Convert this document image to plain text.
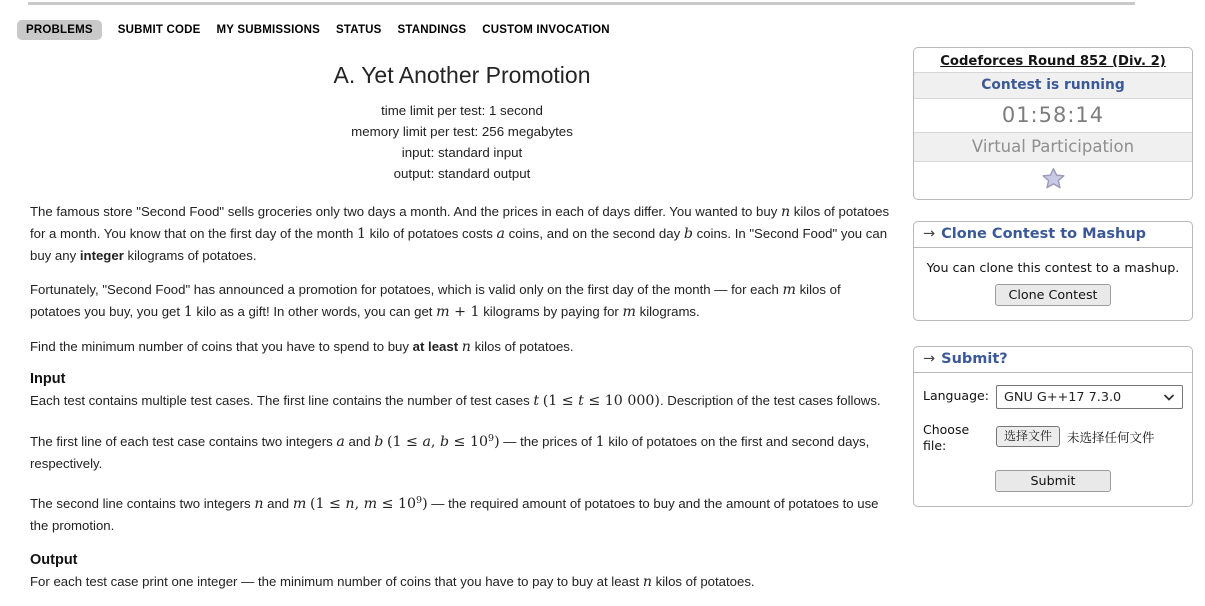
PROBLEMS	SUBMIT CODE MY SUBMISSIONS STATUS STANDINGS CUSTOM INVOCATION
A. Yet Another Promotion
time limit per test: 1 second
memory limit per test: 256 megabytes
input: standard input
output: standard output

The famous store "Second Food" sells groceries only two days a month. And the prices in each of days differ. You wanted to buy n kilos of potatoes for a month. You know that on the first day of the month 1 kilo of potatoes costs a coins, and on the second day b coins. In "Second Food" you can buy any integer kilograms of potatoes.

Fortunately, "Second Food" has announced a promotion for potatoes, which is valid only on the first day of the month — for each m kilos of potatoes you buy, you get 1 kilo as a gift! In other words, you can get m + 1 kilograms by paying for m kilograms.

Find the minimum number of coins that you have to spend to buy at least n kilos of potatoes.

Input

Each test contains multiple test cases. The first line contains the number of test cases t (1 ≤ t ≤ 10 000). Description of the test cases follows.

The first line of each test case contains two integers a and b (1 ≤ a, $b \le 10^9$) — the prices of 1 kilo of potatoes on the first and second days, respectively.

The second line contains two integers n and m (1 ≤ n, $m \le 10^9$) — the required amount of potatoes to buy and the amount of potatoes to use the promotion.

Output

For each test case print one integer — the minimum number of coins that you have to pay to buy at least n kilos of potatoes.

Codeforces Round 852 (Div. 2)
Contest is running
01:58:14
Virtual Participation
→ Clone Contest to Mashup
You can clone this contest to a mashup.
Clone Contest
→ Submit?
Language: GNU G++17 7.3.0
Choose file:
选择文件	未选择任何文件
Submit
